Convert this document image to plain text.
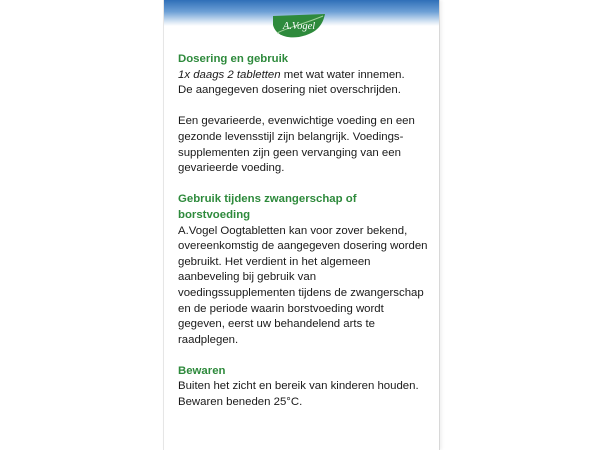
A.Vogel
Dosering en gebruik

1x daags 2 tabletten met wat water innemen.

De aangegeven dosering niet overschrijden.

Een gevarieerde, evenwichtige voeding en een gezonde levensstijl zijn belangrijk. Voedings-supplementen zijn geen vervanging van een gevarieerde voeding.

Gebruik tijdens zwangerschap of borstvoeding

A.Vogel Oogtabletten kan voor zover bekend, overeenkomstig de aangegeven dosering worden gebruikt. Het verdient in het algemeen aanbeveling bij gebruik van voedingssupplementen tijdens de zwangerschap en de periode waarin borstvoeding wordt gegeven, eerst uw behandelend arts te raadplegen.

Bewaren

Buiten het zicht en bereik van kinderen houden.

Bewaren beneden 25°C.
